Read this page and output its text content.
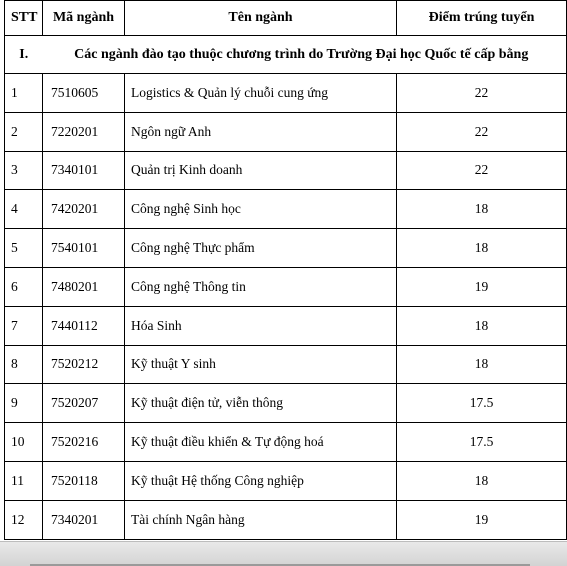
STT	Mã ngành	Tên ngành	Điểm trúng tuyển
I.	Các ngành đào tạo thuộc chương trình do Trường Đại học Quốc tế cấp bằng		
1	7510605	Logistics & Quản lý chuỗi cung ứng	22
2	7220201	Ngôn ngữ Anh	22
3	7340101	Quản trị Kinh doanh	22
4	7420201	Công nghệ Sinh học	18
5	7540101	Công nghệ Thực phẩm	18
6	7480201	Công nghệ Thông tin	19
7	7440112	Hóa Sinh	18
8	7520212	Kỹ thuật Y sinh	18
9	7520207	Kỹ thuật điện tử, viễn thông	17.5
10	7520216	Kỹ thuật điều khiển & Tự động hoá	17.5
11	7520118	Kỹ thuật Hệ thống Công nghiệp	18
12	7340201	Tài chính Ngân hàng	19
